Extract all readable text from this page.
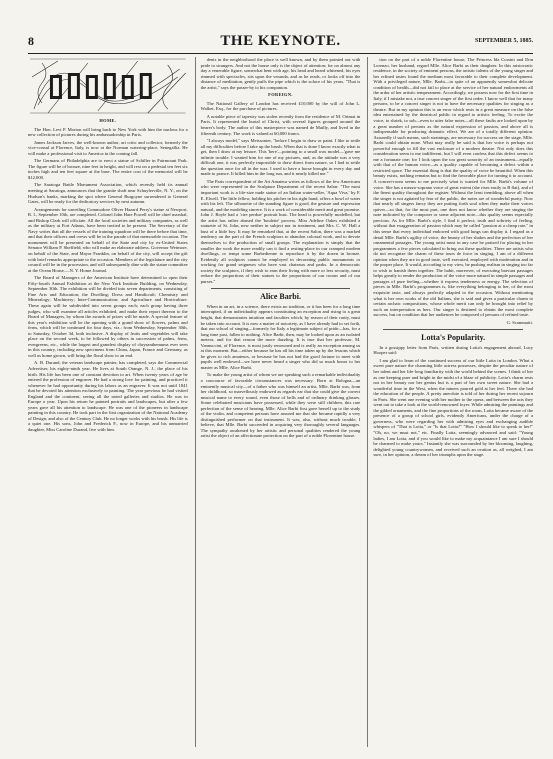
8	THE KEYNOTE.	SEPTEMBER 5, 1885.
HOME.

The Hon. Levi P. Morton will bring back to New York with him the nucleus for a new collection of pictures during his ambassadorship in Paris.

James Jackson Jarves, the well-known author, art critic and collector, formerly the vice-consul at Florence, Italy, is now at the Norman watering-place, Senegallia. He will make a professional visit to America in the coming fall.

The Germans of Philadelphia are to erect a statue of Schiller in Fairmount Park. The figure will be of bronze, nine feet in height, and will rest on a pedestal ten feet six inches high and ten feet square at the base. The entire cost of the memorial will be $12,000.

The Saratoga Battle Monument Association, which recently held its annual meeting at Saratoga, announces that the granite shaft near Schuylerville, N. Y., on the Hudson's banks, marking the spot where General Burgoyne surrendered to General Gates, will be ready for the dedicatory services by next autumn.

Arrangements for unveiling Commodore Oliver Hazard Perry's statue at Newport, R. I., September 10th, are completed. Colonel John Hare Powell will be chief marshal, and Bishop Clark will officiate. All the local societies and military companies, as well as the military at Fort Adams, have been invited to be present. The Secretary of the Navy writes that all the vessels of the training squadron will be there before that time, and that their officers and crews will be in the parade of that memorable occasion. The monument will be presented on behalf of the State and city by ex-United States Senator William P. Sheffield, who will make an elaborate address. Governor Wetmore, on behalf of the State, and Mayor Franklin, on behalf of the city, will accept the gift with brief remarks appropriate to the occasion. Members of the legislature and the city council will be in the procession, and will subsequently dine with the statue committee at the Ocean House.—N. Y. Home Journal.

The Board of Managers of the American Institute have determined to open their Fifty-fourth Annual Exhibition at the New York Institute Building, on Wednesday, September 30th. The exhibition will be divided into seven departments, consisting of Fine Arts and Education; the Dwelling; Dress and Handicraft; Chemistry and Mineralogy; Machinery; Inter-Communication; and Agriculture and Horticulture. These again will be subdivided into seven groups each; each group having three judges, who will examine all articles exhibited, and make their report thereon to the Board of Managers, by whom the awards of prizes will be made. A special feature of this year's exhibition will be the opening with a grand show of flowers, palms and ferns, which will be continued for four days, viz.: from Wednesday, September 30th, to Saturday, October 3d, both inclusive. A display of fruits and vegetables will take place on the second week, to be followed by others in succession of palms, ferns, evergreens, etc., while the largest and grandest display of chrysanthemums ever seen in this country, including new specimens from China, Japan, France and Germany, as well as home grown, will bring the floral show to an end.

A. B. Durand, the veteran landscape painter, has completed, says the Commercial Advertiser, his eighty-ninth year. He lives at South Orange, N. J., the place of his birth. His life has been one of constant devotion to art. When twenty years of age he entered the profession of engraver. He had a strong love for painting, and practiced it whenever he had opportunity during his labors as an engraver. It was not until 1841 that he devoted his attention exclusively to painting. The year previous he had visited England and the continent, seeing all the noted galleries and studios. He was in Europe a year. Upon his return he painted portraits and landscapes, but after a few years gave all his attention to landscape. He was one of the pioneers in landscape painting in this country. He took part in the first organization of the National Academy of Design, and also of the Century Club. He no longer works with his brush. His life is a quiet one. His sons, John and Frederick F., now in Europe, and his unmarried daughter, Miss Caroline Durand, live with him.

dents in the neighborhood the place is well known, and by them pointed out with pride to strangers. And not the house only is the object of attention; for on almost any day a venerable figure, somewhat bent with age, his head and beard whitened, his eyes rimmed with spectacles, sits upon the veranda, and as he reads, or looks off into the distance of meditation, gently puffs the pipe which is the solace of his years. "That is the artist," says the passer-by to his companion.

FOREIGN.

The National Gallery of London has received £10,000 by the will of John L. Walker, Esq., for the purchase of pictures.

A notable piece of tapestry was stolen recently from the residence of M. Ortmat in Paris. It represented the burial of Christ, with several figures grouped around the bearer's body. The author of this masterpiece was named de Mailly, and lived in the fifteenth century. The work is valued at 60,000 francs.

"I always model," says Meissonier, "before I begin to draw or paint. I like to settle all my difficulties before I take up the brush. When that is done I know exactly what to get, then I draw at my leisure. This 'bere'—pointing to a small wax model—'gave me infinite trouble. I wanted him for one of my pictures, and, as the attitude was a very difficult one, it was perfectly impossible to draw direct from nature, so I had to settle the question once for all in the wax. I used to have a horse brought in every day and made to prance. It killed him in the long run, and it nearly killed me."

The Paris correspondent of the Art Amateur writes as follows of the few Americans who were represented in the Sculpture Department of the recent Salon: "The most important work is a life-size nude statue of an Italian water-seller, 'Aqua Viva,' by F. E. Elwell. The little fellow, holding his pitcher in his right hand, offers a bowl of water with his left. The silhouette of the standing figure is good, the gesture and expression natural, and the modeling sincere. It is a work of considerable merit and great promise. John J. Boyle had a 'cire perdue' portrait bust. The head is powerfully modelled, but the artist has rather abused the 'boulette' process. Miss Adeline Oakes exhibited a statuette of St. John, new neither in subject nor in treatment, and Mrs. C. W. Hall a bust of a little boy. It may be remarked that, at the recent Salon, there was a marked tendency on the part of the French sculptors to abandon colossal work, and to devote themselves to the production of small groups. The explanation is simply that the smaller the work the more readily can it find a resting-place in our cramped modern dwellings, or tempt some Barbedienne to reproduce it by the dozen in bronze. Evidently all sculptors cannot be employed in decorating public monuments or working for grand seigneurs who have vast chateaux and parks. In a democratic society the sculptors, if they wish to earn their living with more or less security, must reduce the proportions of their statues to the proportions of our rooms and of our purses."

Alice Barbi.

When in an art, in a science, there exists no tradition, or it has been for a long time interrupted, if an individuality appears constituting an exception and rising to a great height, that demonstrates intuition and faculties which, by reason of their rarity, must be taken into account. It is now a matter of notoriety, as I have already had to set forth, that our school of singing—formerly for Italy a legitimate subject of pride—has, for a long time past, fallen to nothing. Alice Barbi, then, may be looked upon as an isolated meteor, and for that reason the more dazzling. It is true that her professor, M. Vannuccini, of Florence, is most justly renowned and is really an exception among us at this moment. But—either because he has all his time taken up by the lessons which he gives to rich amateurs, or because he has not had the good fortune to meet with pupils well endowed—we have never heard a singer who did so much honor to her master as Mlle. Alice Barbi.

To make the young artist of whom we are speaking such a remarkable individuality a concourse of favorable circumstances was necessary. Born at Bologna—an eminently musical city—of a father who was himself an artist, Mlle. Barbi was, from her childhood, so marvellously endowed as regards ear that she could give the correct musical name to every sound, even those of bells and of ordinary drinking glasses. Some celebrated musicians have possessed, while they were still children, this rare perfection of the sense of hearing. Mlle. Alice Barbi first gave herself up to the study of the violin, and competent persons have assured me that she became rapidly a very distinguished performer on that instrument. It was, also, without much trouble, I believe, that Mlle. Barbi succeeded in acquiring very thoroughly several languages. The sympathy awakened by her artistic and personal qualities rendered the young artist the object of an affectionate protection on the part of a noble Florentine house.

tion on the part of a noble Florentine house, The Princess Ida Corsini and Don Lorenzo, her husband, regard Mlle. Alice Barbi as their daughter. In this aristocratic residence, in the society of eminent persons, the artistic talents of the young singer and her refined tastes found the medium most favorable to their complete development. With a privileged nature, Mlle. Barbi—in spite of an apparently somewhat delicate condition of health—did not fail to place at the service of her natural endowments all the ardor of her artistic temperament. Accordingly, we possess now for the first time in Italy, if I mistake not, a true concert singer of the first order. I know well that for many persons, to be a concert singer is not to have the necessary qualities for singing as a theatre. But in my opinion this is an error which rests in a great measure on the false idea entertained by the theatrical public in regard to artistic feeling. To excite the voice, to shriek, to sob—even to utter false notes—all these faults are looked upon by a great number of persons as the natural expression of passion, and above all is indispensable for producing dramatic effect. We are of a totally different opinion. Assuredly if such means, such strainings, are necessary for success on the stage, Mlle. Barbi could obtain none. What may really be said is that her voice is perhaps not powerful enough to fill the vast enclosure of a modern theatre. Not only does this consideration seem to me indifferent, but I will even confess that this defect seems to me a fortunate one; for I look upon the too great sonority of an instrument—equally with that of the human voice—as a quality capable of becoming a defect within a restricted space. The essential thing is that the quality of voice be beautiful. When this beauty exists, nothing remains but to find the favorable place for turning it to account. A concert-room seems to me precisely what is wanted for Mlle. Barbi's volume of voice. She has a mezzo-soprano voice of great extent (she rises easily to B flat), and of the finest quality throughout the register. Without the least trembling, above all when the singer is not agitated by fear of the public, the notes are of wonderful purity. Now that nearly all singers fancy they are putting forth soul when they make their voices quiver—so that, for the most part, one does not know whether they are singing the note indicated by the composer or some adjacent note—this quality seems especially precious. As for Mlle. Barbi's style, I find it perfect; truth and sobriety of feeling, without that exaggeration of passion which may be called "passion at a cheap rate," in this sense that every individual endowed with good lungs can display it. I regard as a detail Mlle. Barbi's agility of voice, the beauty of her shakes and the perfection of her ornamental passages. The young artist must in any case be praised for placing in her programmes a few pieces calculated to bring out these qualities. There are artists who do not recognize the charm of these tours de force in singing. I am of a different opinion when they are in good taste, well executed, employed with moderation and in the proper place. It would, according to my view, be pushing realism in singing too far to wish to banish them together. The habit, moreover, of executing bravura passages helps greatly to render the production of the voice more natural in simple passages and passages of pure feeling—whether it express tenderness or energy. The selection of pieces in Mlle. Barbi's programmes is, like everything belonging to her, of the most exquisite taste, and always perfectly adapted to the occasion. Without mentioning what is her own works of the old Italians, she is said and gives a particular charm to certain archaic compositions, whose whole merit can only be brought into relief by such an interpretation as hers. Our singer is destined to obtain the most complete success, but on condition that her audiences be composed of persons of refined taste.

G. Scammatti.
Lotta's Popularity.

In a gossippy letter from Paris, written during Lotta's engagement abroad, Lucy Hooper said:

I am glad to learn of the continued success of our little Lotta in London. What a sweet pure nature the charming little actress possesses, despite the peculiar nature of her talent and her life-long familiarity with the world behind the scenes. I think of her as one keeping pure and bright in the midst of a blaze of publicity. Lotta's charm rests not in her beauty nor her genius but is a part of her own sweet nature. She had a wonderful time in the West, when the miners poured gold at her feet. There she had the education of the people. A pretty anecdote is told of her during her recent sojourn in Paris. She went one evening with her mother to the opera, and between the acts they went out to take a look at the world-renowned foyer. While admiring the paintings and the gilded ornaments, and the fine proportions of the room, Lotta became aware of the presence of a group of school girls, evidently Americans, under the charge of a governess, who were regarding her with admiring eyes and exchanging audible whispers of "That is Lotta," or "Is that Lotta?" "How I should like to speak to her!" "Oh, no, we must not," etc. Finally Lotta, seemingly advanced and said: "Young ladies, I am Lotta, and if you would like to make my acquaintance I am sure I should be charmed to make yours." Instantly she was surrounded by her blooming, laughing, delighted young countrywomen, and received such an ovation as, all weighed, I am sure, in her opinion, a dream of her triumphs upon the stage.
